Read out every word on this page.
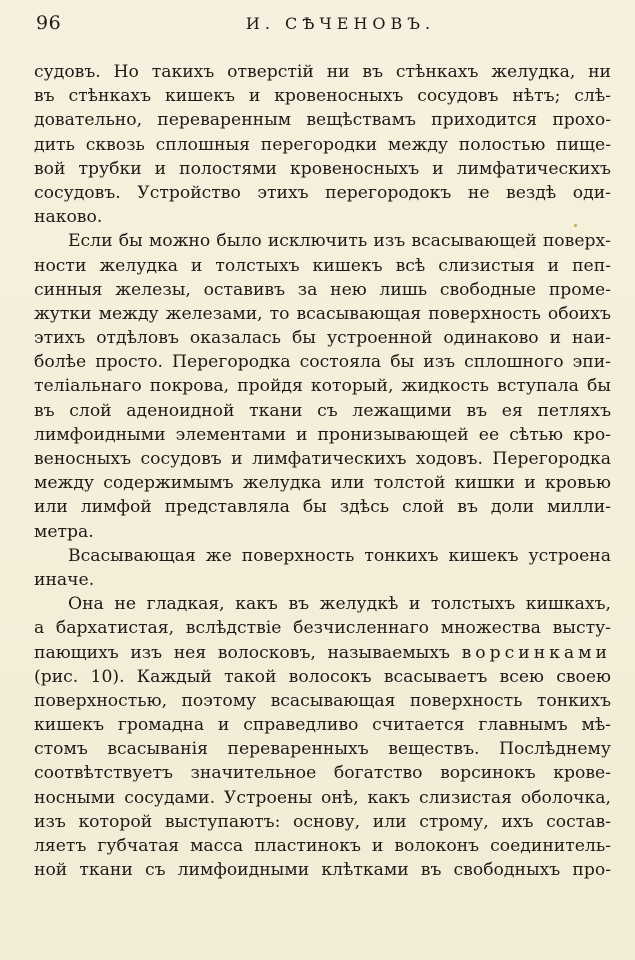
96	И. СѢЧЕНОВЪ.
судовъ. Но такихъ отверстій ни въ стѣнкахъ желудка, ни
въ стѣнкахъ кишекъ и кровеносныхъ сосудовъ нѣтъ; слѣ-
довательно, переваренным вещѣствамъ приходится прохо-
дить сквозь сплошныя перегородки между полостью пище-
вой трубки и полостями кровеносныхъ и лимфатическихъ
сосудовъ. Устройство этихъ перегородокъ не вездѣ оди-
наково.
Если бы можно было исключить изъ всасывающей поверх-
ности желудка и толстыхъ кишекъ всѣ слизистыя и пеп-
синныя железы, оставивъ за нею лишь свободные проме-
жутки между железами, то всасывающая поверхность обоихъ
этихъ отдѣловъ оказалась бы устроенной одинаково и наи-
болѣе просто. Перегородка состояла бы изъ сплошного эпи-
теліальнаго покрова, пройдя который, жидкость вступала бы
въ слой аденоидной ткани съ лежащими въ ея петляхъ
лимфоидными элементами и пронизывающей ее сѣтью кро-
веносныхъ сосудовъ и лимфатическихъ ходовъ. Перегородка
между содержимымъ желудка или толстой кишки и кровью
или лимфой представляла бы здѣсь слой въ доли милли-
метра.
Всасывающая же поверхность тонкихъ кишекъ устроена
иначе.
Она не гладкая, какъ въ желудкѣ и толстыхъ кишкахъ,
а бархатистая, вслѣдствіе безчисленнаго множества высту-
пающихъ изъ нея волосковъ, называемыхъ ворсинками
(рис. 10). Каждый такой волосокъ всасываетъ всею своею
поверхностью, поэтому всасывающая поверхность тонкихъ
кишекъ громадна и справедливо считается главнымъ мѣ-
стомъ всасыванія переваренныхъ веществъ. Послѣднему
соотвѣтствуетъ значительное богатство ворсинокъ крове-
носными сосудами. Устроены онѣ, какъ слизистая оболочка,
изъ которой выступаютъ: основу, или строму, ихъ состав-
ляетъ губчатая масса пластинокъ и волоконъ соединитель-
ной ткани съ лимфоидными клѣтками въ свободныхъ про-
